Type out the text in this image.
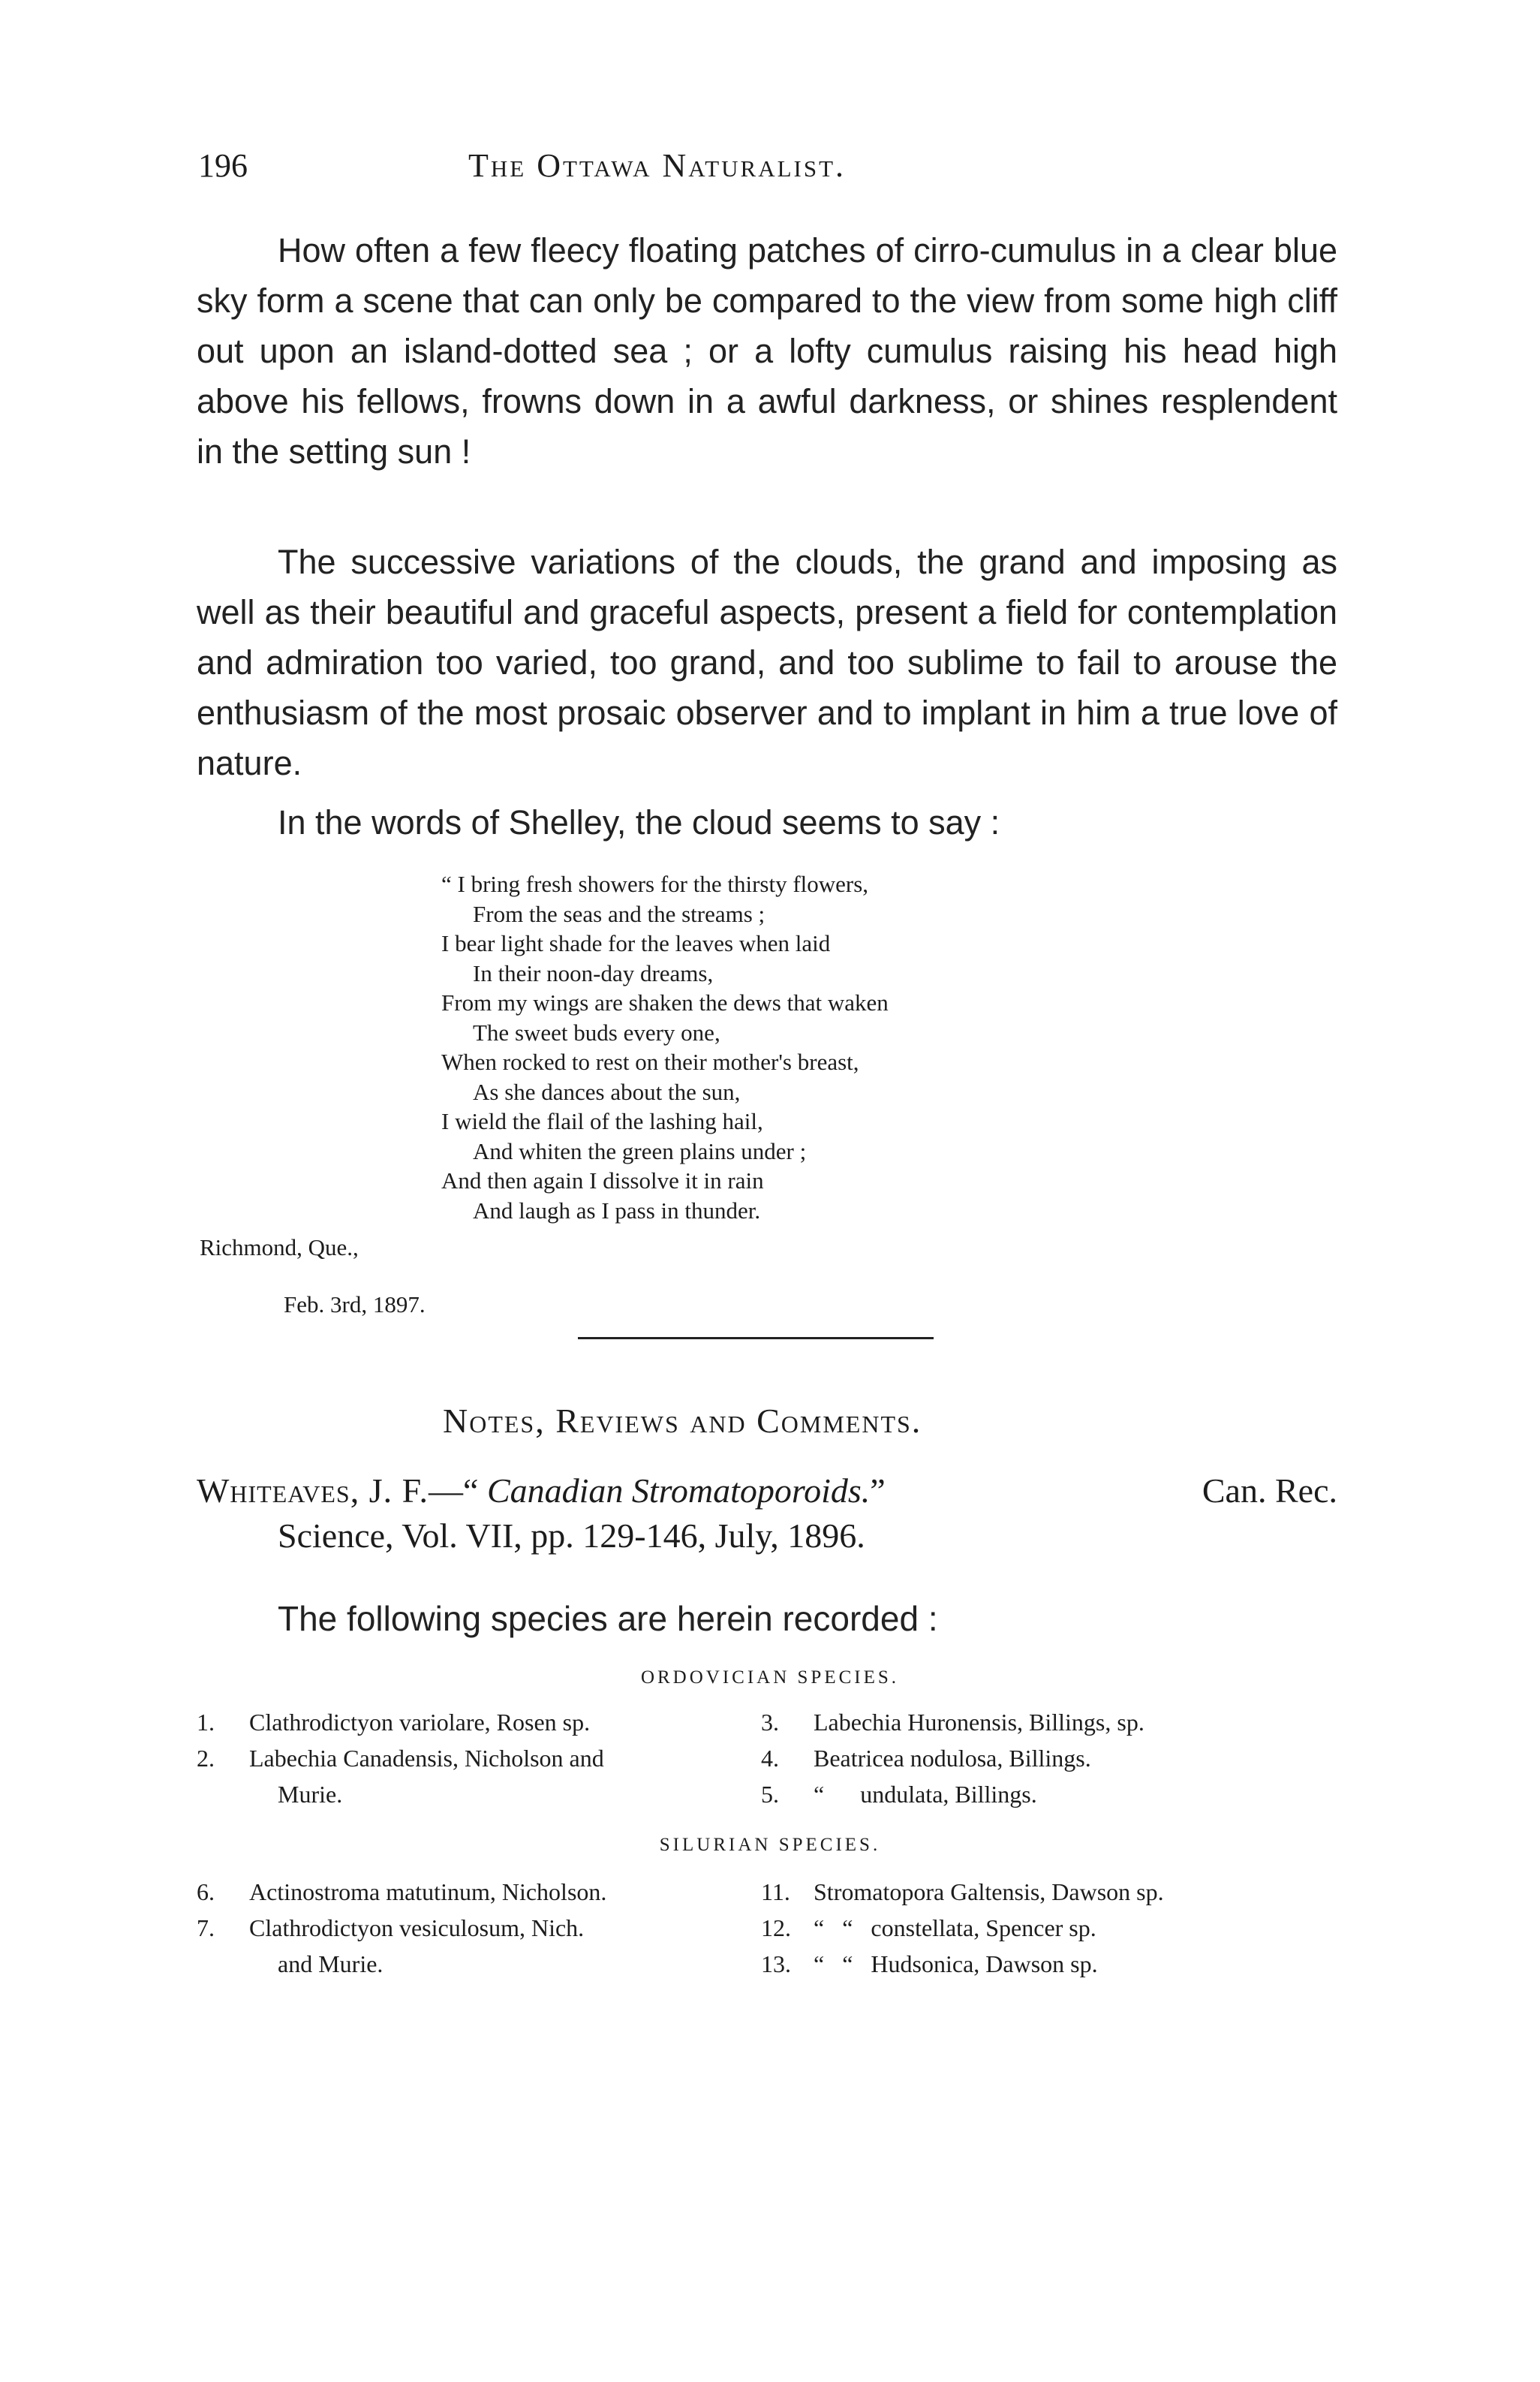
196	The Ottawa Naturalist.

How often a few fleecy floating patches of cirro-cumulus in a clear blue sky form a scene that can only be compared to the view from some high cliff out upon an island-dotted sea ; or a lofty cumulus raising his head high above his fellows, frowns down in a awful darkness, or shines resplendent in the setting sun !

The successive variations of the clouds, the grand and imposing as well as their beautiful and graceful aspects, present a field for contemplation and admiration too varied, too grand, and too sublime to fail to arouse the enthusiasm of the most prosaic observer and to implant in him a true love of nature.

In the words of Shelley, the cloud seems to say :

“ I bring fresh showers for the thirsty flowers,
From the seas and the streams ;
I bear light shade for the leaves when laid
In their noon-day dreams,
From my wings are shaken the dews that waken
The sweet buds every one,
When rocked to rest on their mother's breast,
As she dances about the sun,
I wield the flail of the lashing hail,
And whiten the green plains under ;
And then again I dissolve it in rain
And laugh as I pass in thunder.
Richmond, Que.,
Feb. 3rd, 1897.
Notes, Reviews and Comments.
Whiteaves, J. F.—“ Canadian Stromatoporoids.”	Can. Rec.
Science, Vol. VII, pp. 129-146, July, 1896.
The following species are herein recorded :
ORDOVICIAN SPECIES.
1.	Clathrodictyon variolare, Rosen sp.
2.	Labechia Canadensis, Nicholson and
Murie.
3.	Labechia Huronensis, Billings, sp.
4.	Beatricea nodulosa, Billings.
5.	“      undulata, Billings.
SILURIAN SPECIES.
6.	Actinostroma matutinum, Nicholson.
7.	Clathrodictyon vesiculosum, Nich.
and Murie.
11. Stromatopora Galtensis, Dawson sp.
12. “   “   constellata, Spencer sp.
13. “   “   Hudsonica, Dawson sp.
